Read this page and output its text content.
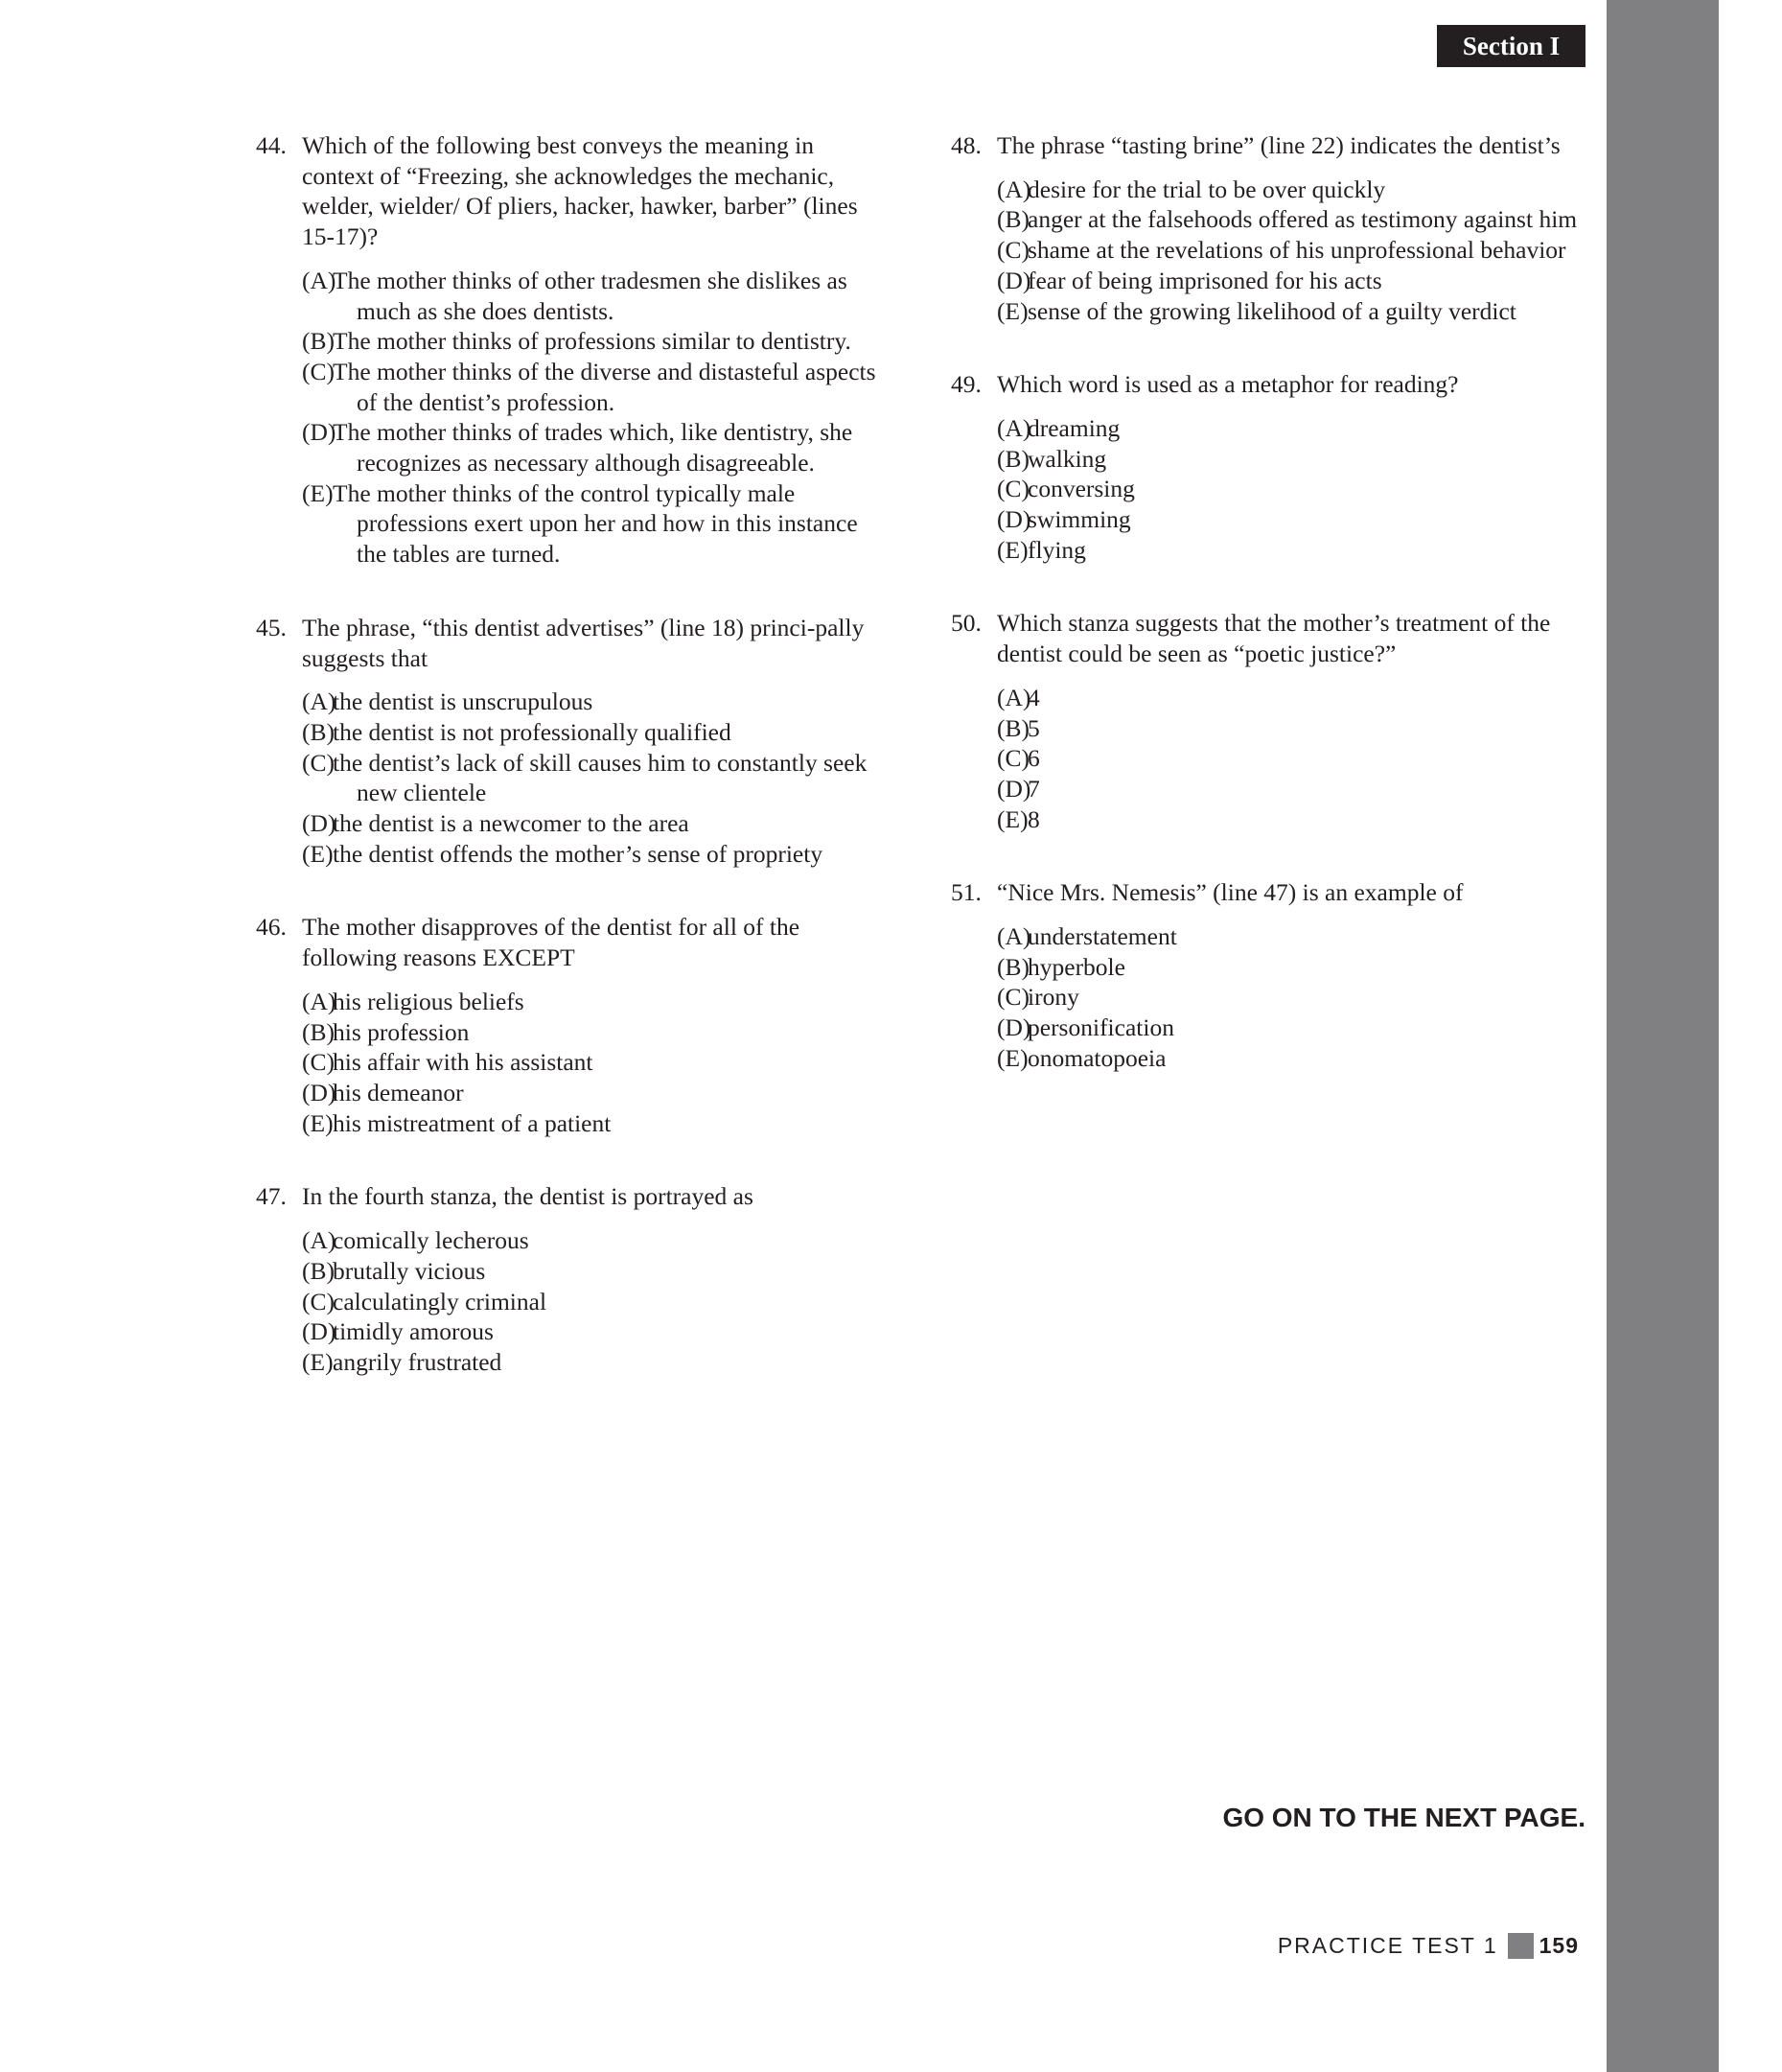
Section I
44. Which of the following best conveys the meaning in context of “Freezing, she acknowledges the mechanic, welder, wielder/ Of pliers, hacker, hawker, barber” (lines 15-17)?
(A)
The mother thinks of other tradesmen she dislikes as much as she does dentists.
(B)
The mother thinks of professions similar to dentistry.
(C)
The mother thinks of the diverse and distasteful aspects of the dentist’s profession.
(D)
The mother thinks of trades which, like dentistry, she recognizes as necessary although disagreeable.
(E) The mother thinks of the control typically male professions exert upon her and how in this instance the tables are turned.
45. The phrase, “this dentist advertises” (line 18) princi-pally suggests that
(A)
the dentist is unscrupulous
(B)
the dentist is not professionally qualified
(C)
the dentist’s lack of skill causes him to constantly seek new clientele
(D)
the dentist is a newcomer to the area
(E) the dentist offends the mother’s sense of propriety
46. The mother disapproves of the dentist for all of the following reasons EXCEPT
(A)
his religious beliefs
(B)
his profession
(C)
his affair with his assistant
(D)
his demeanor
(E) his mistreatment of a patient
47. In the fourth stanza, the dentist is portrayed as
(A)
comically lecherous
(B)
brutally vicious
(C)
calculatingly criminal
(D)
timidly amorous
(E) angrily frustrated
48. The phrase “tasting brine” (line 22) indicates the dentist’s
(A)
desire for the trial to be over quickly
(B)
anger at the falsehoods offered as testimony against him
(C)
shame at the revelations of his unprofessional behavior
(D)
fear of being imprisoned for his acts
(E) sense of the growing likelihood of a guilty verdict
49. Which word is used as a metaphor for reading?
(A)
dreaming
(B)
walking
(C)
conversing
(D)
swimming
(E) flying
50. Which stanza suggests that the mother’s treatment of the dentist could be seen as “poetic justice?”
(A)
4
(B)
5
(C)
6
(D)
7
(E) 8
51. “Nice Mrs. Nemesis” (line 47) is an example of
(A)
understatement
(B)
hyperbole
(C)
irony
(D)
personification
(E) onomatopoeia
GO ON TO THE NEXT PAGE.
PRACTICE TEST 1 159
